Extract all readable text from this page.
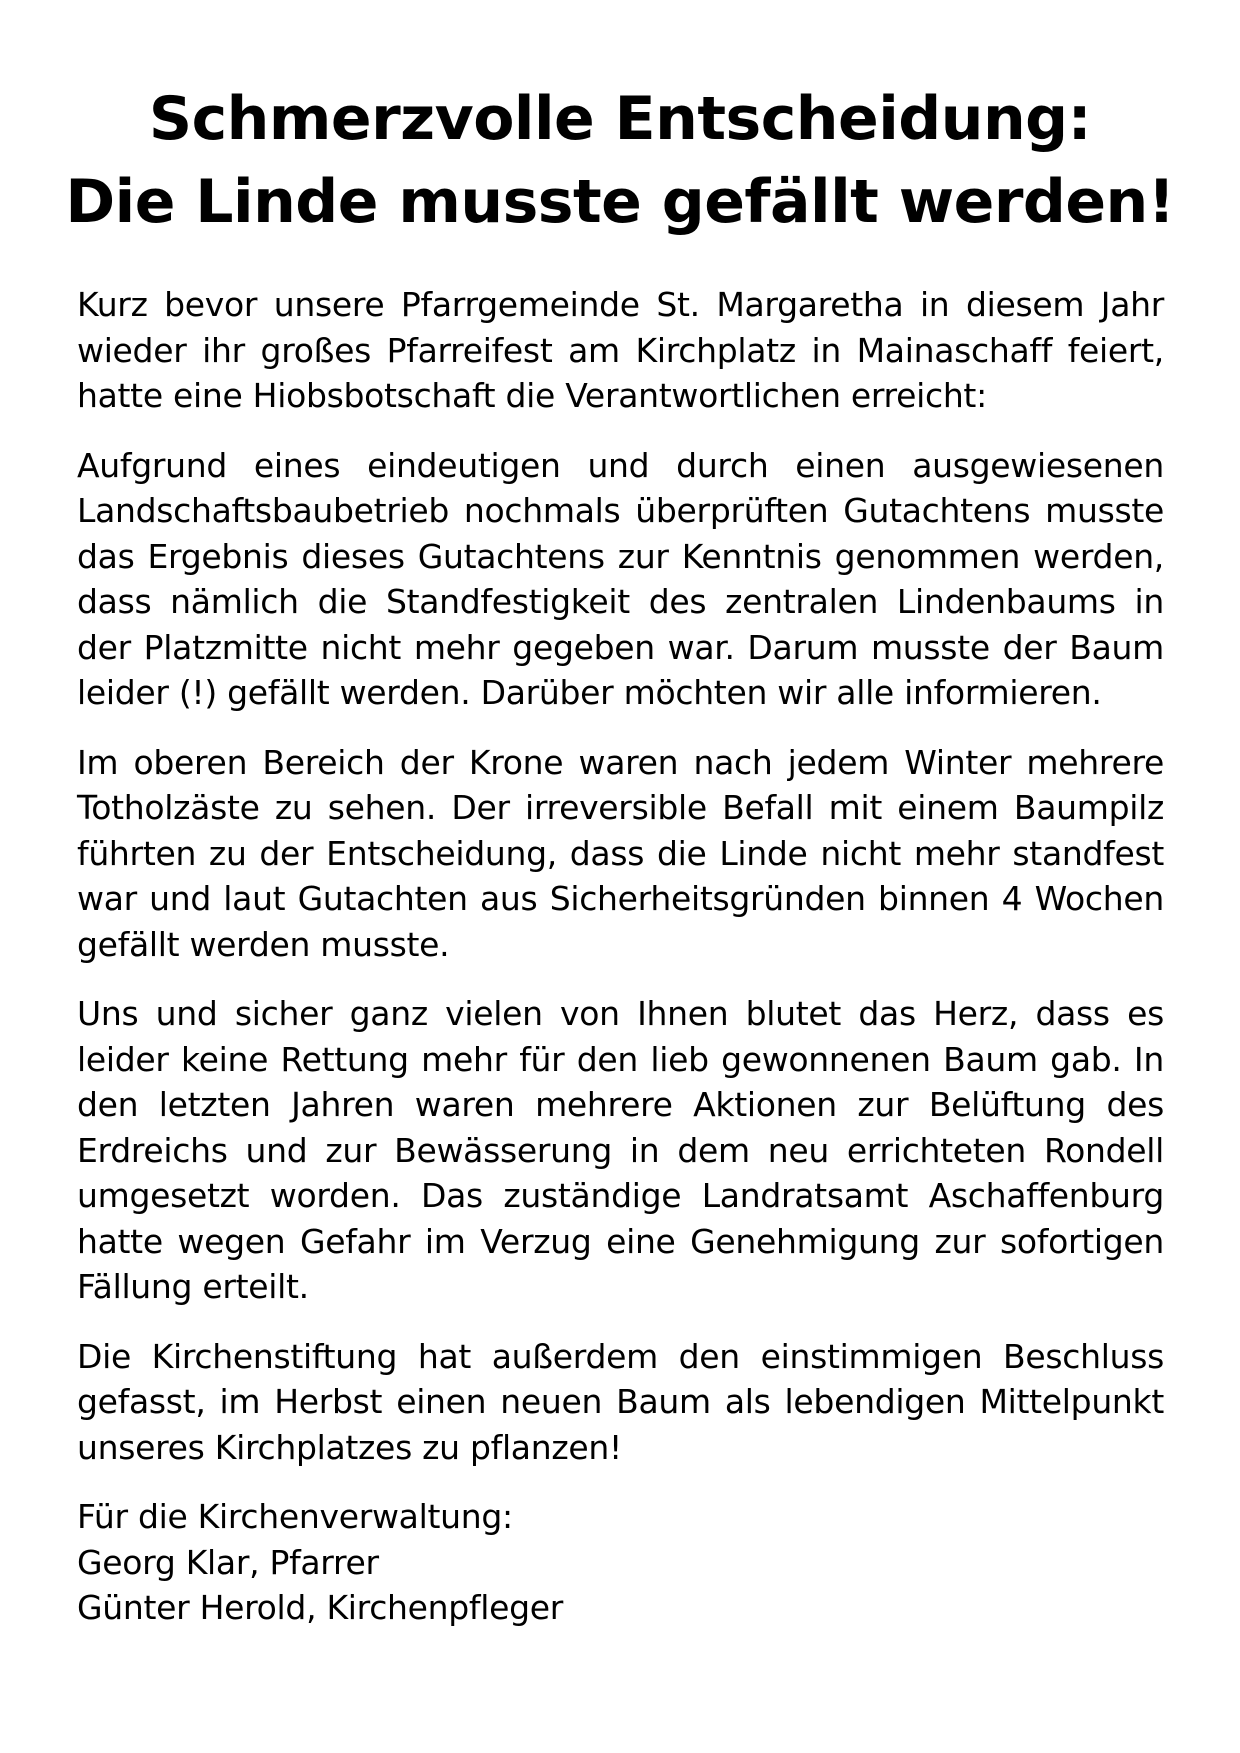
Schmerzvolle Entscheidung:
Die Linde musste gefällt werden!

Kurz bevor unsere Pfarrgemeinde St. Margaretha in diesem Jahr wieder ihr großes Pfarreifest am Kirchplatz in Mainaschaff feiert, hatte eine Hiobsbotschaft die Verantwortlichen erreicht:

Aufgrund eines eindeutigen und durch einen ausgewiesenen Landschaftsbaubetrieb nochmals überprüften Gutachtens musste das Ergebnis dieses Gutachtens zur Kenntnis genommen werden, dass nämlich die Standfestigkeit des zentralen Lindenbaums in der Platzmitte nicht mehr gegeben war. Darum musste der Baum leider (!) gefällt werden. Darüber möchten wir alle informieren.

Im oberen Bereich der Krone waren nach jedem Winter mehrere Totholzäste zu sehen. Der irreversible Befall mit einem Baumpilz führten zu der Entscheidung, dass die Linde nicht mehr standfest war und laut Gutachten aus Sicherheitsgründen binnen 4 Wochen gefällt werden musste.

Uns und sicher ganz vielen von Ihnen blutet das Herz, dass es leider keine Rettung mehr für den lieb gewonnenen Baum gab. In den letzten Jahren waren mehrere Aktionen zur Belüftung des Erdreichs und zur Bewässerung in dem neu errichteten Rondell umgesetzt worden. Das zuständige Landratsamt Aschaffenburg hatte wegen Gefahr im Verzug eine Genehmigung zur sofortigen Fällung erteilt.

Die Kirchenstiftung hat außerdem den einstimmigen Beschluss gefasst, im Herbst einen neuen Baum als lebendigen Mittelpunkt unseres Kirchplatzes zu pflanzen!

Für die Kirchenverwaltung:
Georg Klar, Pfarrer
Günter Herold, Kirchenpfleger
